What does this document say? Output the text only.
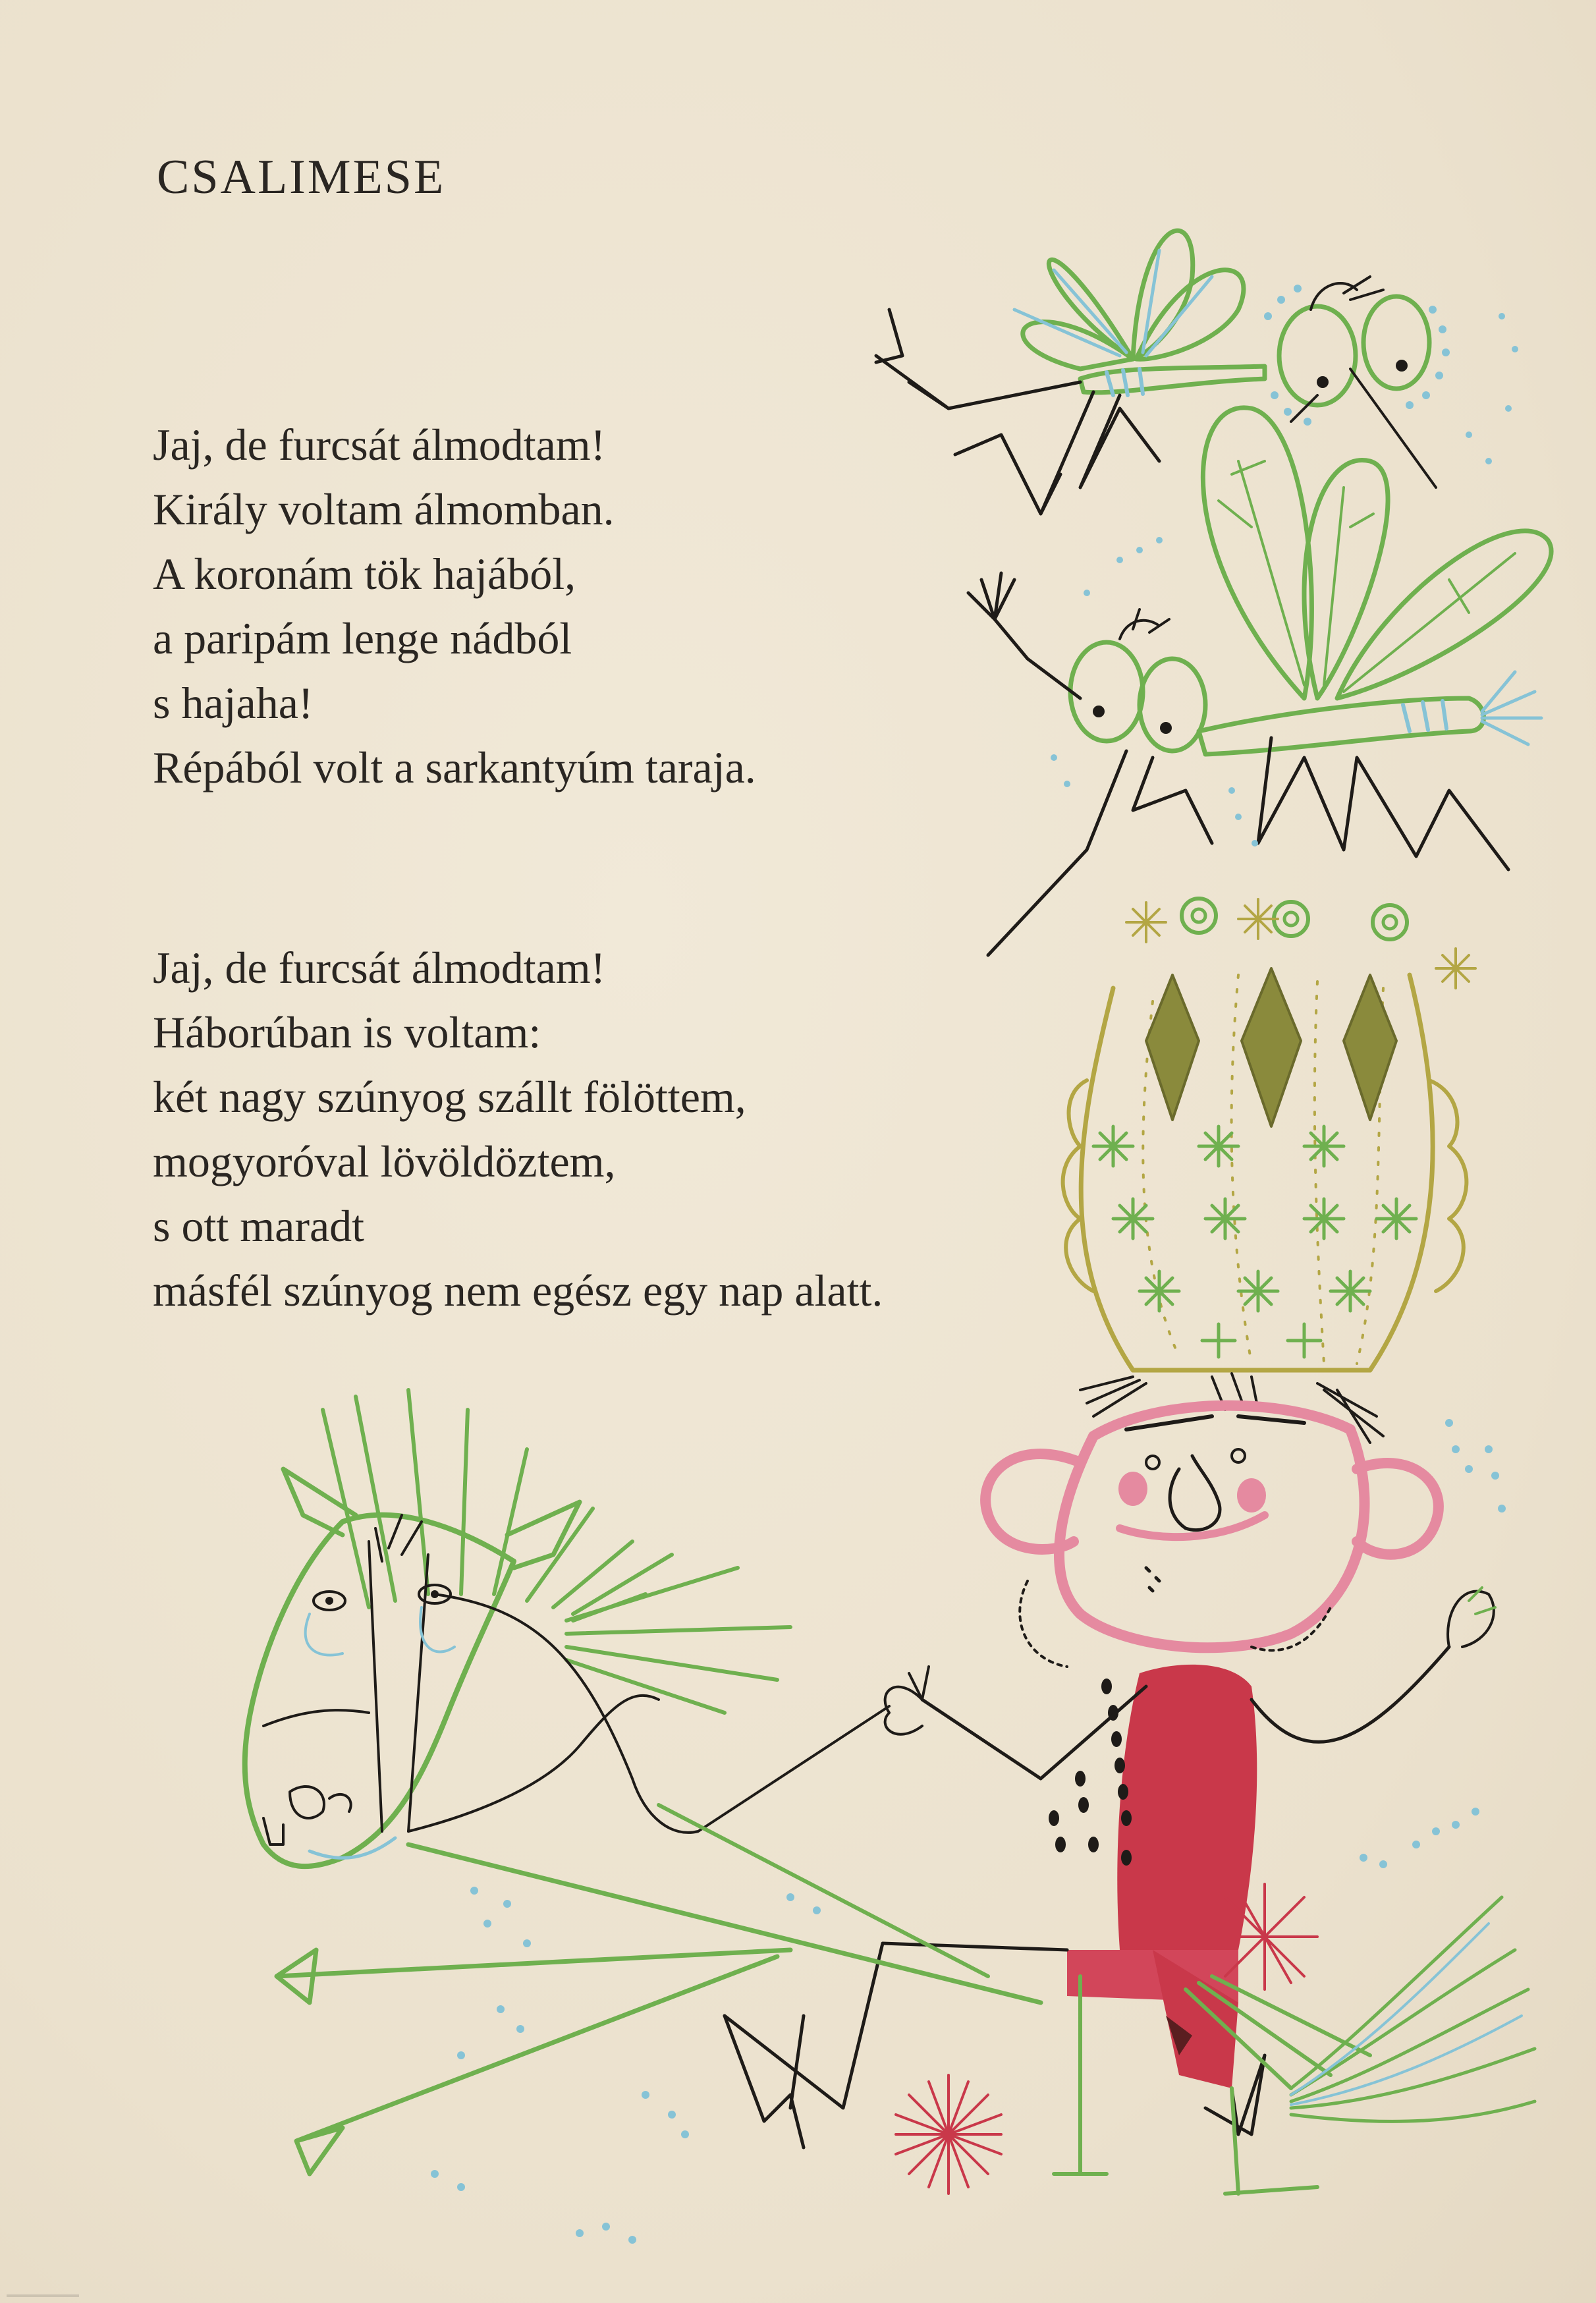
CSALIMESE
Jaj, de furcsát álmodtam!
Király voltam álmomban.
A koronám tök hajából,
a paripám lenge nádból
s hajaha!
Répából volt a sarkantyúm taraja.
Jaj, de furcsát álmodtam!
Háborúban is voltam:
két nagy szúnyog szállt fölöttem,
mogyoróval lövöldöztem,
s ott maradt
másfél szúnyog nem egész egy nap alatt.
